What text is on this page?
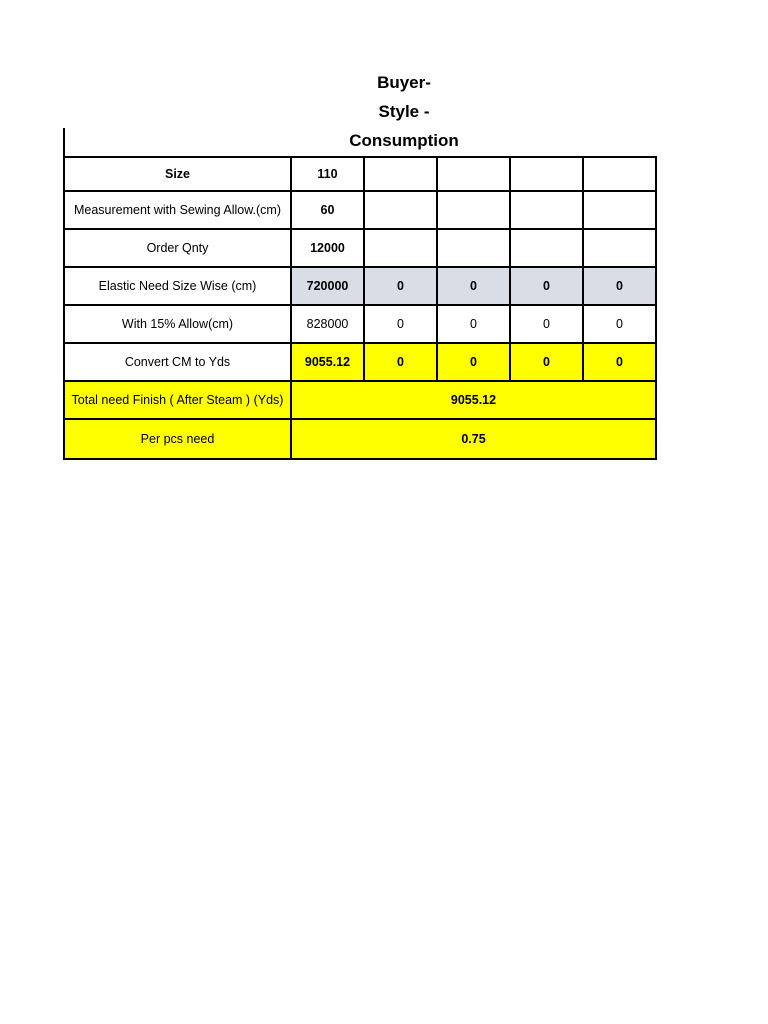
Buyer-
Style -
Consumption
Size	110				
Measurement with Sewing Allow.(cm)	60				
Order Qnty	12000				
Elastic Need Size Wise (cm)	720000	0	0	0	0
With 15% Allow(cm)	828000	0	0	0	0
Convert CM to Yds	9055.12	0	0	0	0
Total need Finish ( After Steam ) (Yds)	9055.12				
Per pcs need	0.75				
